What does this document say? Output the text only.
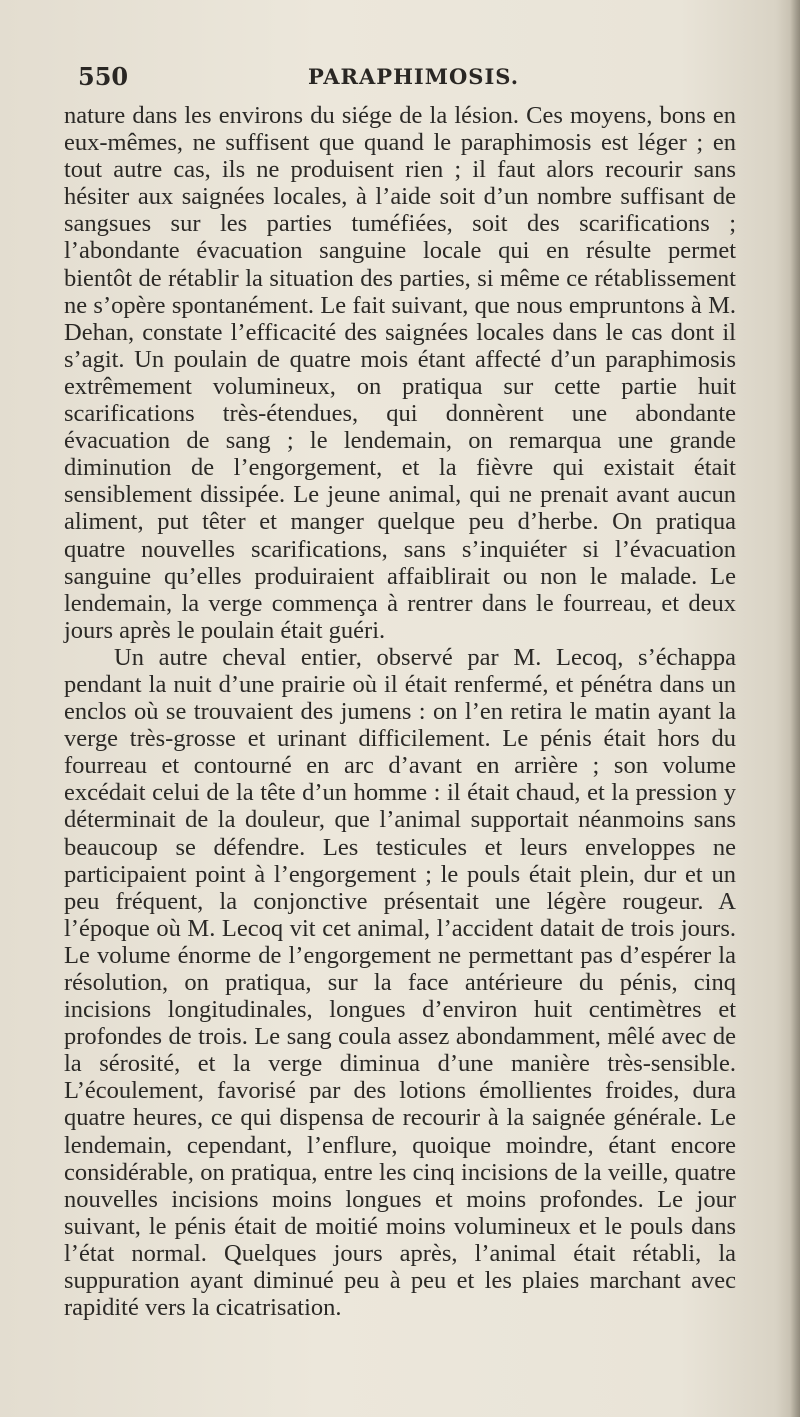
550	PARAPHIMOSIS.

nature dans les environs du siége de la lésion. Ces moyens, bons en eux-mêmes, ne suffisent que quand le paraphimosis est léger ; en tout autre cas, ils ne produisent rien ; il faut alors recourir sans hésiter aux saignées locales, à l’aide soit d’un nombre suffisant de sangsues sur les parties tuméfiées, soit des scarifications ; l’abondante évacuation sanguine locale qui en résulte permet bientôt de rétablir la situation des parties, si même ce rétablissement ne s’opère spontanément. Le fait suivant, que nous empruntons à M. Dehan, constate l’efficacité des saignées locales dans le cas dont il s’agit. Un poulain de quatre mois étant affecté d’un paraphimosis extrêmement volumineux, on pratiqua sur cette partie huit scarifications très-étendues, qui donnèrent une abondante évacuation de sang ; le lendemain, on remarqua une grande diminution de l’engorgement, et la fièvre qui existait était sensiblement dissipée. Le jeune animal, qui ne prenait avant aucun aliment, put têter et manger quelque peu d’herbe. On pratiqua quatre nouvelles scarifications, sans s’inquiéter si l’évacuation sanguine qu’elles produiraient affaiblirait ou non le malade. Le lendemain, la verge commença à rentrer dans le fourreau, et deux jours après le poulain était guéri.

Un autre cheval entier, observé par M. Lecoq, s’échappa pendant la nuit d’une prairie où il était renfermé, et pénétra dans un enclos où se trouvaient des jumens : on l’en retira le matin ayant la verge très-grosse et urinant difficilement. Le pénis était hors du fourreau et contourné en arc d’avant en arrière ; son volume excédait celui de la tête d’un homme : il était chaud, et la pression y déterminait de la douleur, que l’animal supportait néanmoins sans beaucoup se défendre. Les testicules et leurs enveloppes ne participaient point à l’engorgement ; le pouls était plein, dur et un peu fréquent, la conjonctive présentait une légère rougeur. A l’époque où M. Lecoq vit cet animal, l’accident datait de trois jours. Le volume énorme de l’engorgement ne permettant pas d’espérer la résolution, on pratiqua, sur la face antérieure du pénis, cinq incisions longitudinales, longues d’environ huit centimètres et profondes de trois. Le sang coula assez abondamment, mêlé avec de la sérosité, et la verge diminua d’une manière très-sensible. L’écoulement, favorisé par des lotions émollientes froides, dura quatre heures, ce qui dispensa de recourir à la saignée générale. Le lendemain, cependant, l’enflure, quoique moindre, étant encore considérable, on pratiqua, entre les cinq incisions de la veille, quatre nouvelles incisions moins longues et moins profondes. Le jour suivant, le pénis était de moitié moins volumineux et le pouls dans l’état normal. Quelques jours après, l’animal était rétabli, la suppuration ayant diminué peu à peu et les plaies marchant avec rapidité vers la cicatrisation.
